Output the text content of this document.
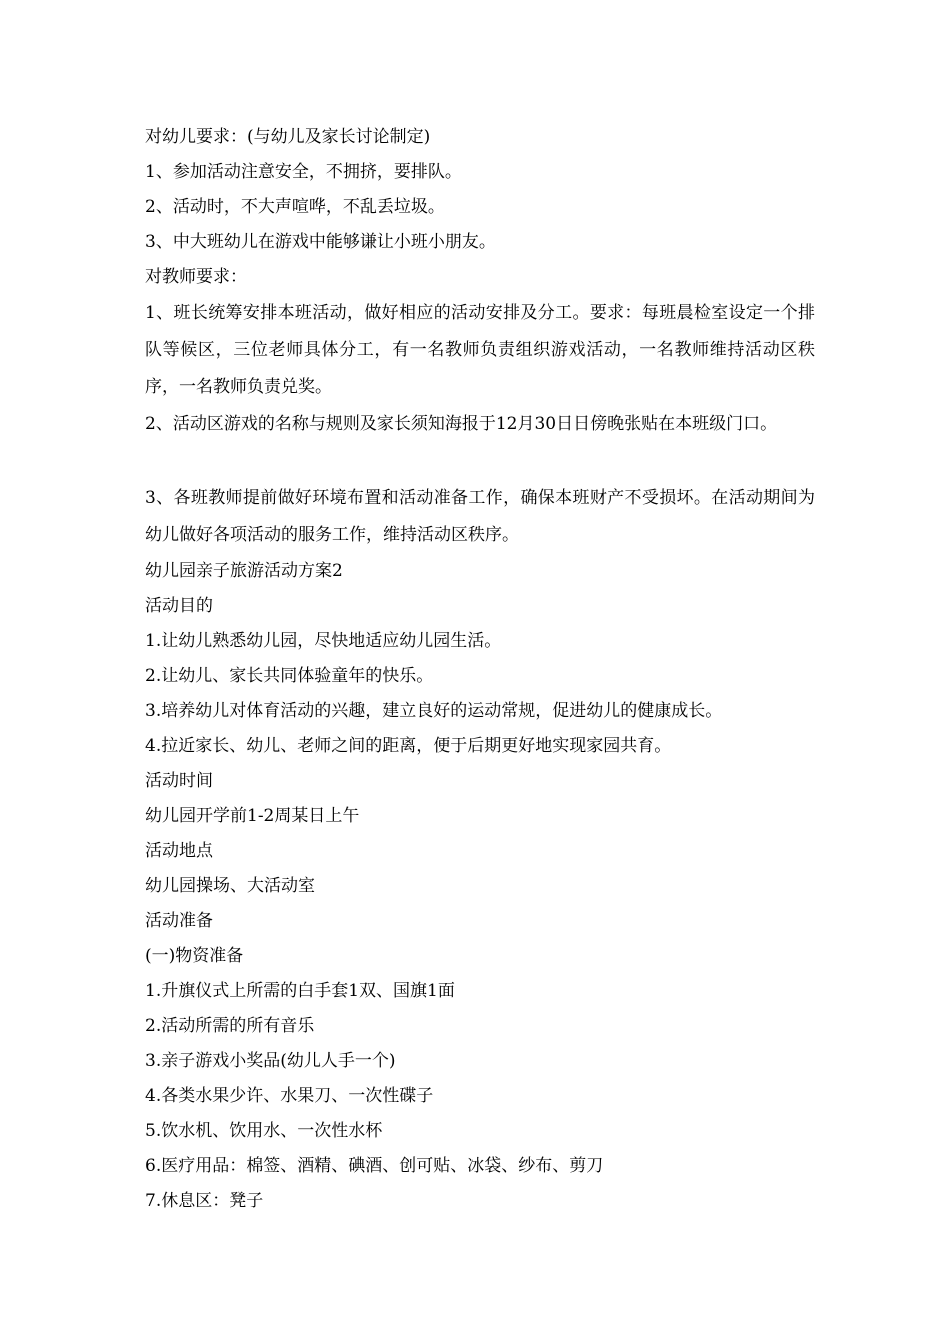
对幼儿要求：(与幼儿及家长讨论制定)
1、参加活动注意安全，不拥挤，要排队。
2、活动时，不大声喧哗，不乱丢垃圾。
3、中大班幼儿在游戏中能够谦让小班小朋友。
对教师要求：
1、班长统筹安排本班活动，做好相应的活动安排及分工。要求：每班晨检室设定一个排队等候区，三位老师具体分工，有一名教师负责组织游戏活动，一名教师维持活动区秩序，一名教师负责兑奖。
2、活动区游戏的名称与规则及家长须知海报于12月30日日傍晚张贴在本班级门口。
3、各班教师提前做好环境布置和活动准备工作，确保本班财产不受损坏。在活动期间为幼儿做好各项活动的服务工作，维持活动区秩序。
幼儿园亲子旅游活动方案2
活动目的
1.让幼儿熟悉幼儿园，尽快地适应幼儿园生活。
2.让幼儿、家长共同体验童年的快乐。
3.培养幼儿对体育活动的兴趣，建立良好的运动常规，促进幼儿的健康成长。
4.拉近家长、幼儿、老师之间的距离，便于后期更好地实现家园共育。
活动时间
幼儿园开学前1-2周某日上午
活动地点
幼儿园操场、大活动室
活动准备
(一)物资准备
1.升旗仪式上所需的白手套1双、国旗1面
2.活动所需的所有音乐
3.亲子游戏小奖品(幼儿人手一个)
4.各类水果少许、水果刀、一次性碟子
5.饮水机、饮用水、一次性水杯
6.医疗用品：棉签、酒精、碘酒、创可贴、冰袋、纱布、剪刀
7.休息区：凳子
